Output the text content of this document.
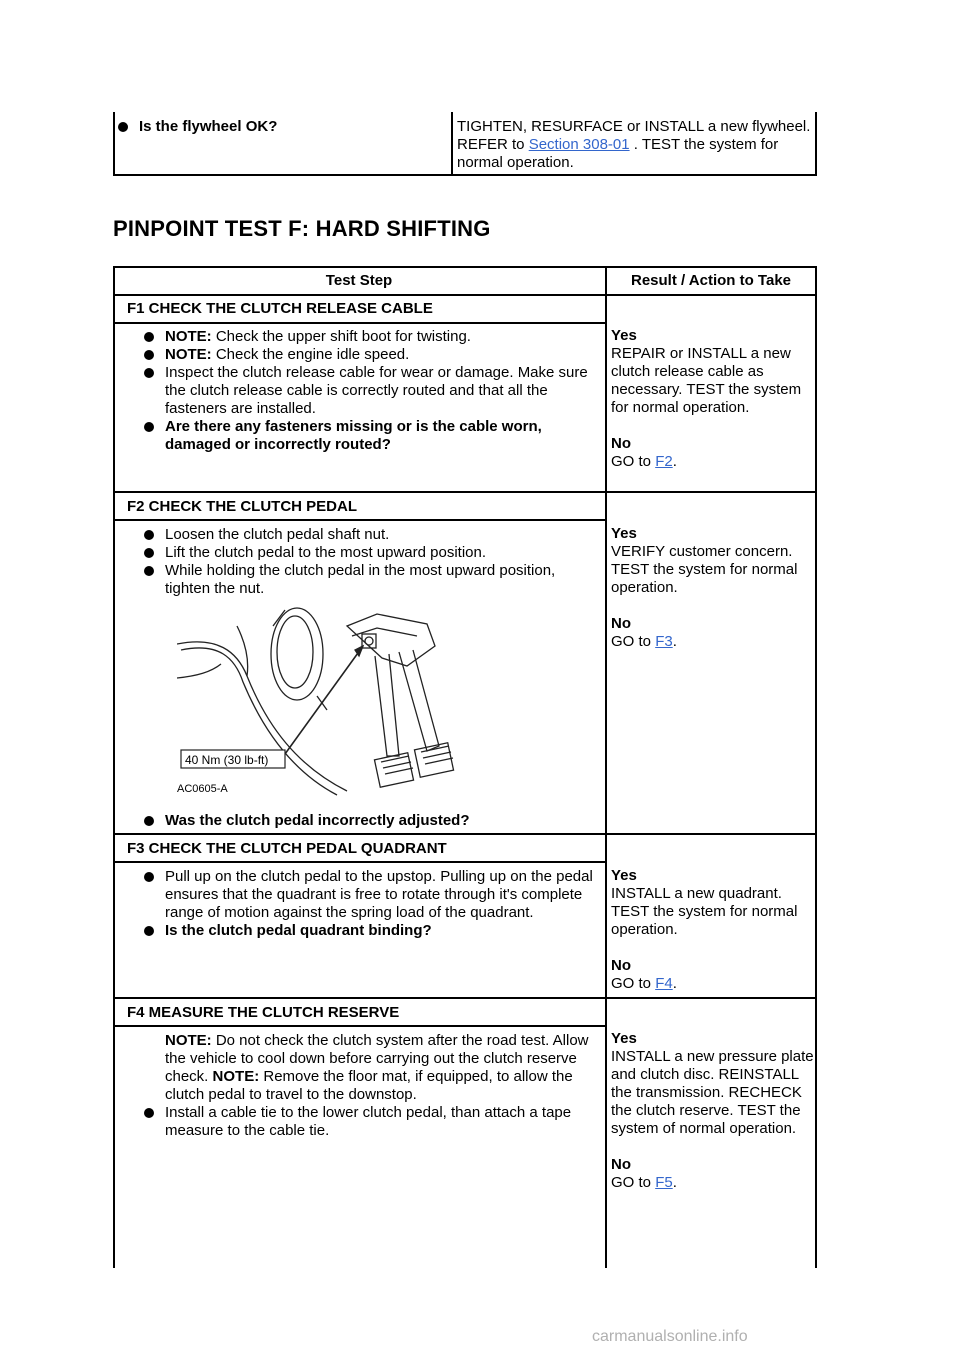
Is the flywheel OK?	TIGHTEN, RESURFACE or INSTALL a new flywheel. REFER to Section 308-01 . TEST the system for normal operation.
PINPOINT TEST F: HARD SHIFTING
Test Step	Result / Action to Take
F1 CHECK THE CLUTCH RELEASE CABLE
NOTE: Check the upper shift boot for twisting.
NOTE: Check the engine idle speed.
Inspect the clutch release cable for wear or damage. Make sure the clutch release cable is correctly routed and that all the fasteners are installed.
Are there any fasteners missing or is the cable worn, damaged or incorrectly routed?
Yes
REPAIR or INSTALL a new clutch release cable as necessary. TEST the system for normal operation.
No
GO to F2.
F2 CHECK THE CLUTCH PEDAL
Loosen the clutch pedal shaft nut.
Lift the clutch pedal to the most upward position.
While holding the clutch pedal in the most upward position, tighten the nut.
40 Nm (30 lb-ft)
AC0605-A
Was the clutch pedal incorrectly adjusted?
Yes
VERIFY customer concern. TEST the system for normal operation.
No
GO to F3.
F3 CHECK THE CLUTCH PEDAL QUADRANT
Pull up on the clutch pedal to the upstop. Pulling up on the pedal ensures that the quadrant is free to rotate through it's complete range of motion against the spring load of the quadrant.
Is the clutch pedal quadrant binding?
Yes
INSTALL a new quadrant. TEST the system for normal operation.
No
GO to F4.
F4 MEASURE THE CLUTCH RESERVE
NOTE: Do not check the clutch system after the road test. Allow the vehicle to cool down before carrying out the clutch reserve check. NOTE: Remove the floor mat, if equipped, to allow the clutch pedal to travel to the downstop.
Install a cable tie to the lower clutch pedal, than attach a tape measure to the cable tie.
Yes
INSTALL a new pressure plate and clutch disc. REINSTALL the transmission. RECHECK the clutch reserve. TEST the system of normal operation.
No
GO to F5.
carmanualsonline.info
